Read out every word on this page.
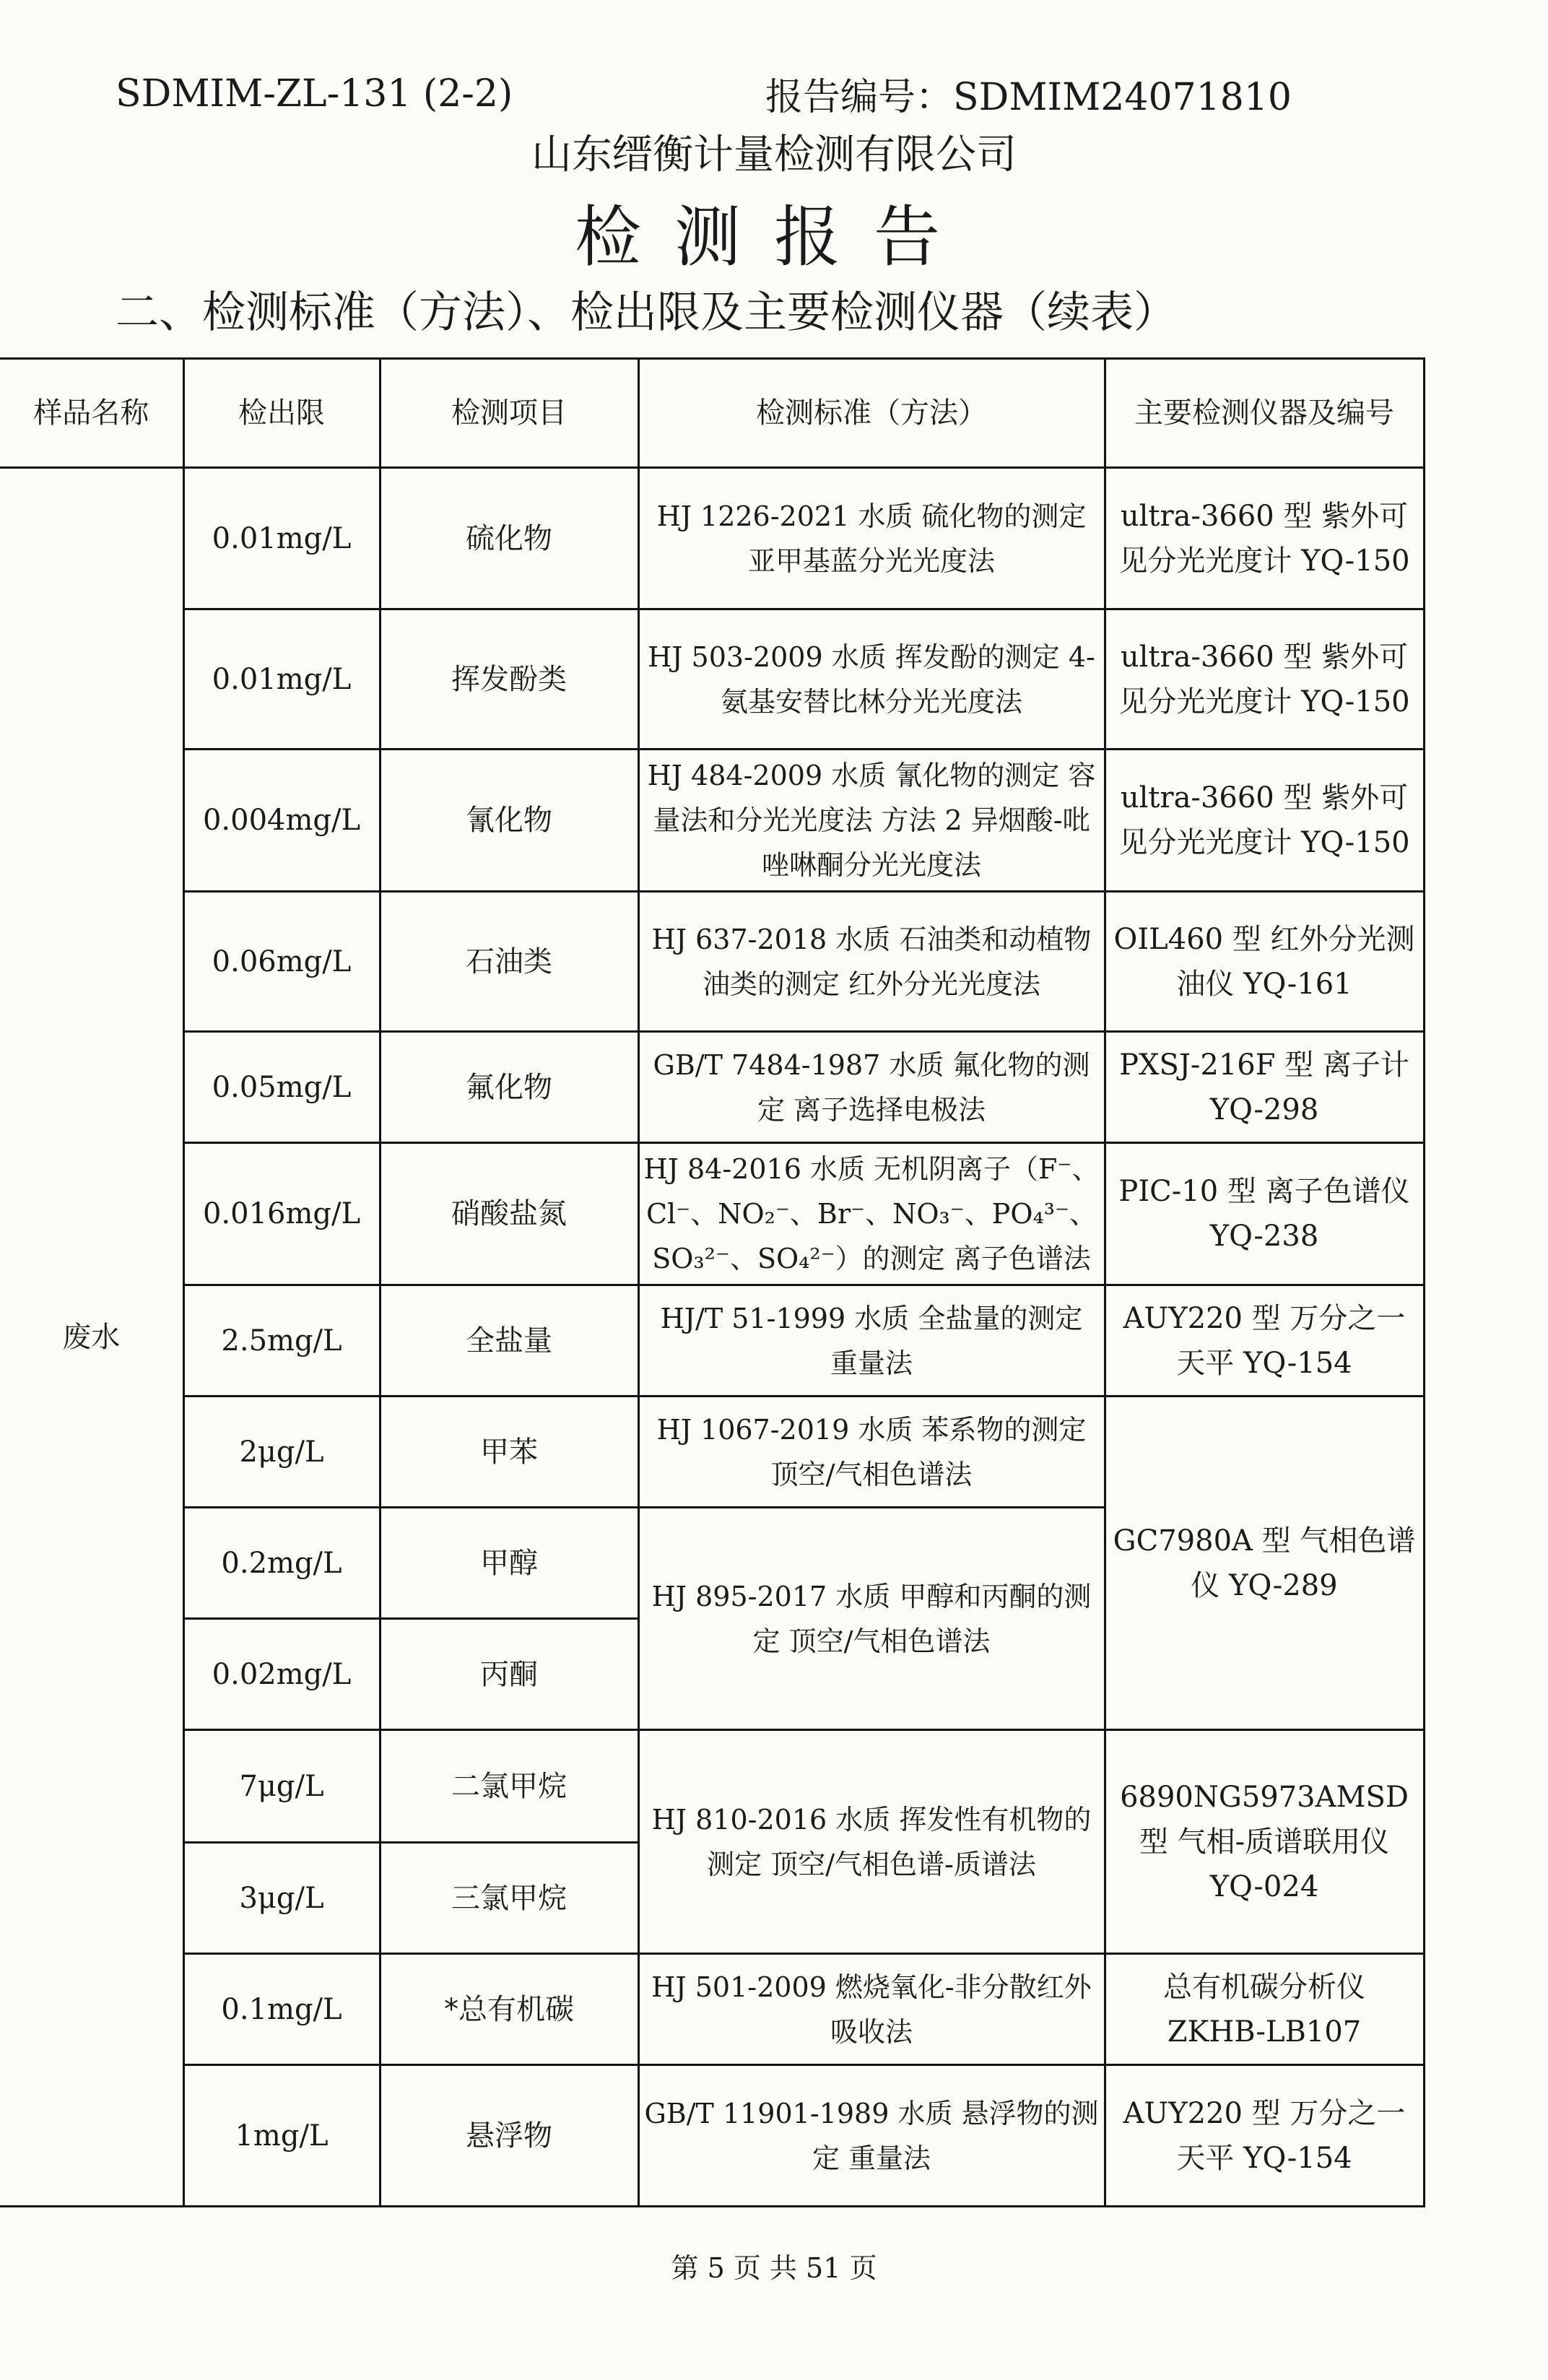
SDMIM-ZL-131 (2-2)	报告编号：SDMIM24071810
山东缙衡计量检测有限公司
检测报告
二、检测标准（方法）、检出限及主要检测仪器（续表）
样品名称	检出限	检测项目	检测标准（方法）	主要检测仪器及编号
废水	0.01mg/L	硫化物	HJ 1226-2021 水质 硫化物的测定 亚甲基蓝分光光度法	ultra-3660 型 紫外可见分光光度计 YQ-150
	0.01mg/L	挥发酚类	HJ 503-2009 水质 挥发酚的测定 4-氨基安替比林分光光度法	ultra-3660 型 紫外可见分光光度计 YQ-150
	0.004mg/L	氰化物	HJ 484-2009 水质 氰化物的测定 容量法和分光光度法 方法 2 异烟酸-吡唑啉酮分光光度法	ultra-3660 型 紫外可见分光光度计 YQ-150
	0.06mg/L	石油类	HJ 637-2018 水质 石油类和动植物油类的测定 红外分光光度法	OIL460 型 红外分光测油仪 YQ-161
	0.05mg/L	氟化物	GB/T 7484-1987 水质 氟化物的测定 离子选择电极法	PXSJ-216F 型 离子计 YQ-298
	0.016mg/L	硝酸盐氮	HJ 84-2016 水质 无机阴离子（F⁻、Cl⁻、NO₂⁻、Br⁻、NO₃⁻、PO₄³⁻、SO₃²⁻、SO₄²⁻）的测定 离子色谱法	PIC-10 型 离子色谱仪 YQ-238
	2.5mg/L	全盐量	HJ/T 51-1999 水质 全盐量的测定 重量法	AUY220 型 万分之一天平 YQ-154
	2μg/L	甲苯	HJ 1067-2019 水质 苯系物的测定 顶空/气相色谱法	GC7980A 型 气相色谱仪 YQ-289
	0.2mg/L	甲醇	HJ 895-2017 水质 甲醇和丙酮的测定 顶空/气相色谱法	
	0.02mg/L	丙酮		
	7μg/L	二氯甲烷	HJ 810-2016 水质 挥发性有机物的测定 顶空/气相色谱-质谱法	6890NG5973AMSD 型 气相-质谱联用仪 YQ-024
	3μg/L	三氯甲烷		
	0.1mg/L	*总有机碳	HJ 501-2009 燃烧氧化-非分散红外吸收法	总有机碳分析仪 ZKHB-LB107
	1mg/L	悬浮物	GB/T 11901-1989 水质 悬浮物的测定 重量法	AUY220 型 万分之一天平 YQ-154
第 5 页 共 51 页
